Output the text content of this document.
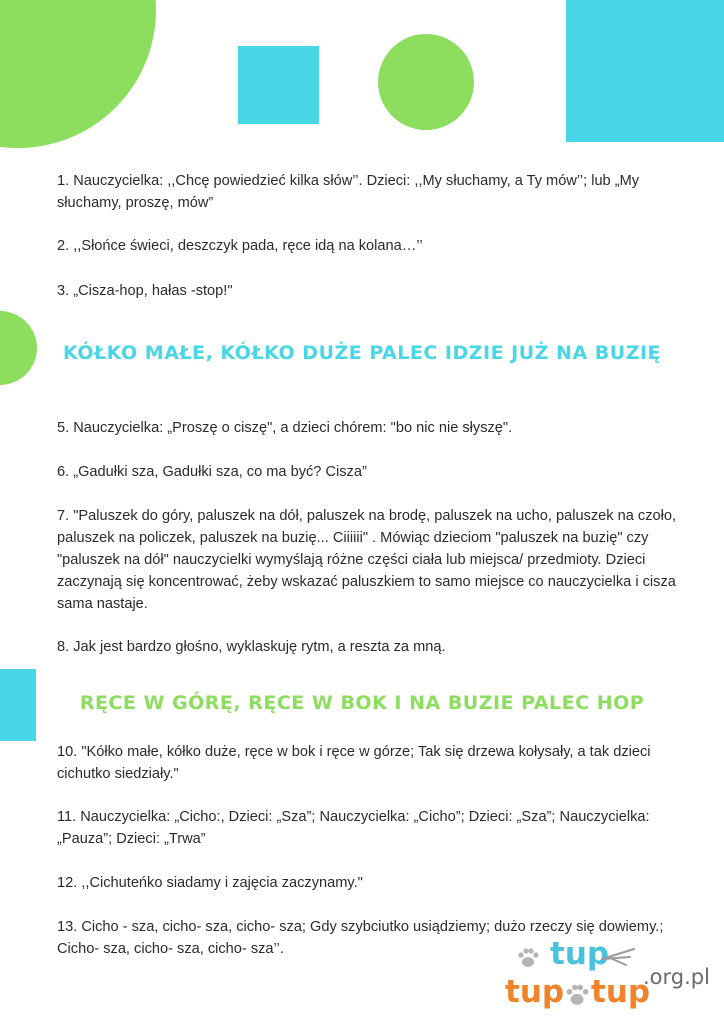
1. Nauczycielka: ,,Chcę powiedzieć kilka słów’’. Dzieci: ,,My słuchamy, a Ty mów’’; lub „My słuchamy, proszę, mów”

2. ,,Słońce świeci, deszczyk pada, ręce idą na kolana…’’

3. „Cisza-hop, hałas -stop!"

KÓŁKO MAŁE, KÓŁKO DUŻE PALEC IDZIE JUŻ NA BUZIĘ

5. Nauczycielka: „Proszę o ciszę", a dzieci chórem: "bo nic nie słyszę".

6. „Gadułki sza, Gadułki sza, co ma być? Cisza”

7. "Paluszek do góry, paluszek na dół, paluszek na brodę, paluszek na ucho, paluszek na czoło, paluszek na policzek, paluszek na buzię... Ciiiiii" . Mówiąc dzieciom "paluszek na buzię" czy "paluszek na dół" nauczycielki wymyślają różne części ciała lub miejsca/ przedmioty. Dzieci zaczynają się koncentrować, żeby wskazać paluszkiem to samo miejsce co nauczycielka i cisza sama nastaje.

8. Jak jest bardzo głośno, wyklaskuję rytm, a reszta za mną.

RĘCE W GÓRĘ, RĘCE W BOK I NA BUZIE PALEC HOP

10. "Kółko małe, kółko duże, ręce w bok i ręce w górze; Tak się drzewa kołysały, a tak dzieci cichutko siedziały."

11. Nauczycielka: „Cicho:, Dzieci: „Sza”; Nauczycielka: „Cicho”; Dzieci: „Sza”; Nauczycielka: „Pauza”; Dzieci: „Trwa”

12. ,,Cichuteńko siadamy i zajęcia zaczynamy."

13. Cicho - sza, cicho- sza, cicho- sza; Gdy szybciutko usiądziemy; dużo rzeczy się dowiemy.; Cicho- sza, cicho- sza, cicho- sza’’.	tup
tup tup
.org.pl
